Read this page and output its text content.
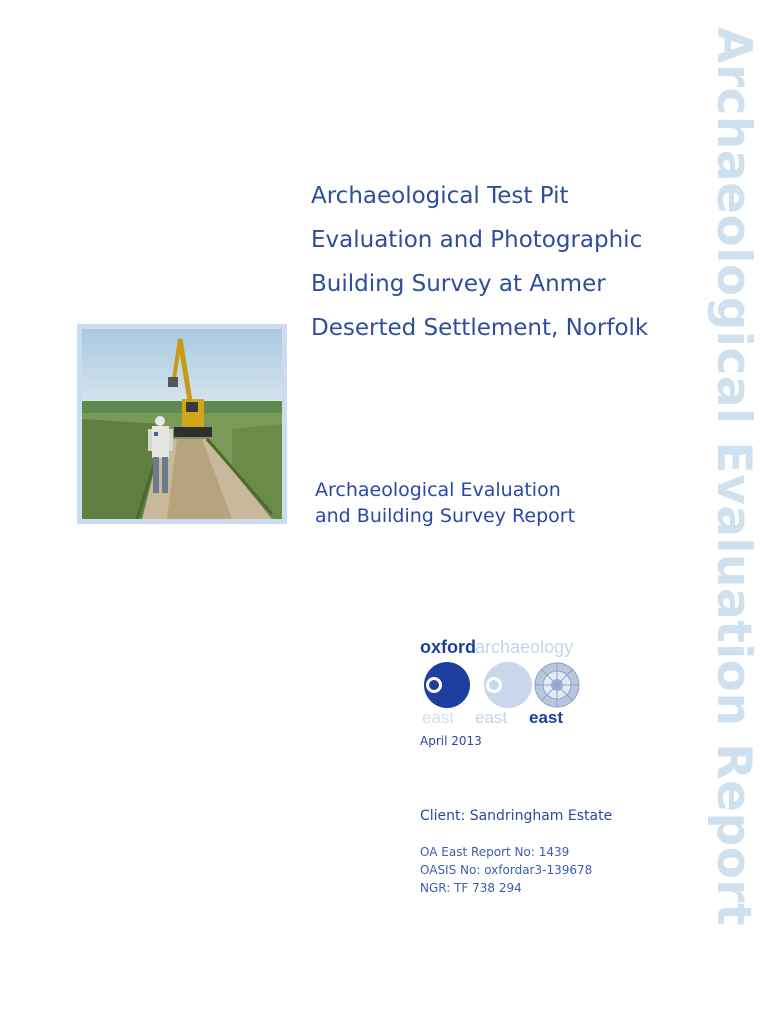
Archaeological Evaluation Report
Archaeological Test Pit
Evaluation and Photographic
Building Survey at Anmer
Deserted Settlement, Norfolk
Archaeological Evaluation
and Building Survey Report
oxford archaeology
east east east
April 2013
Client: Sandringham Estate
OA East Report No: 1439
OASIS No: oxfordar3-139678
NGR: TF 738 294
